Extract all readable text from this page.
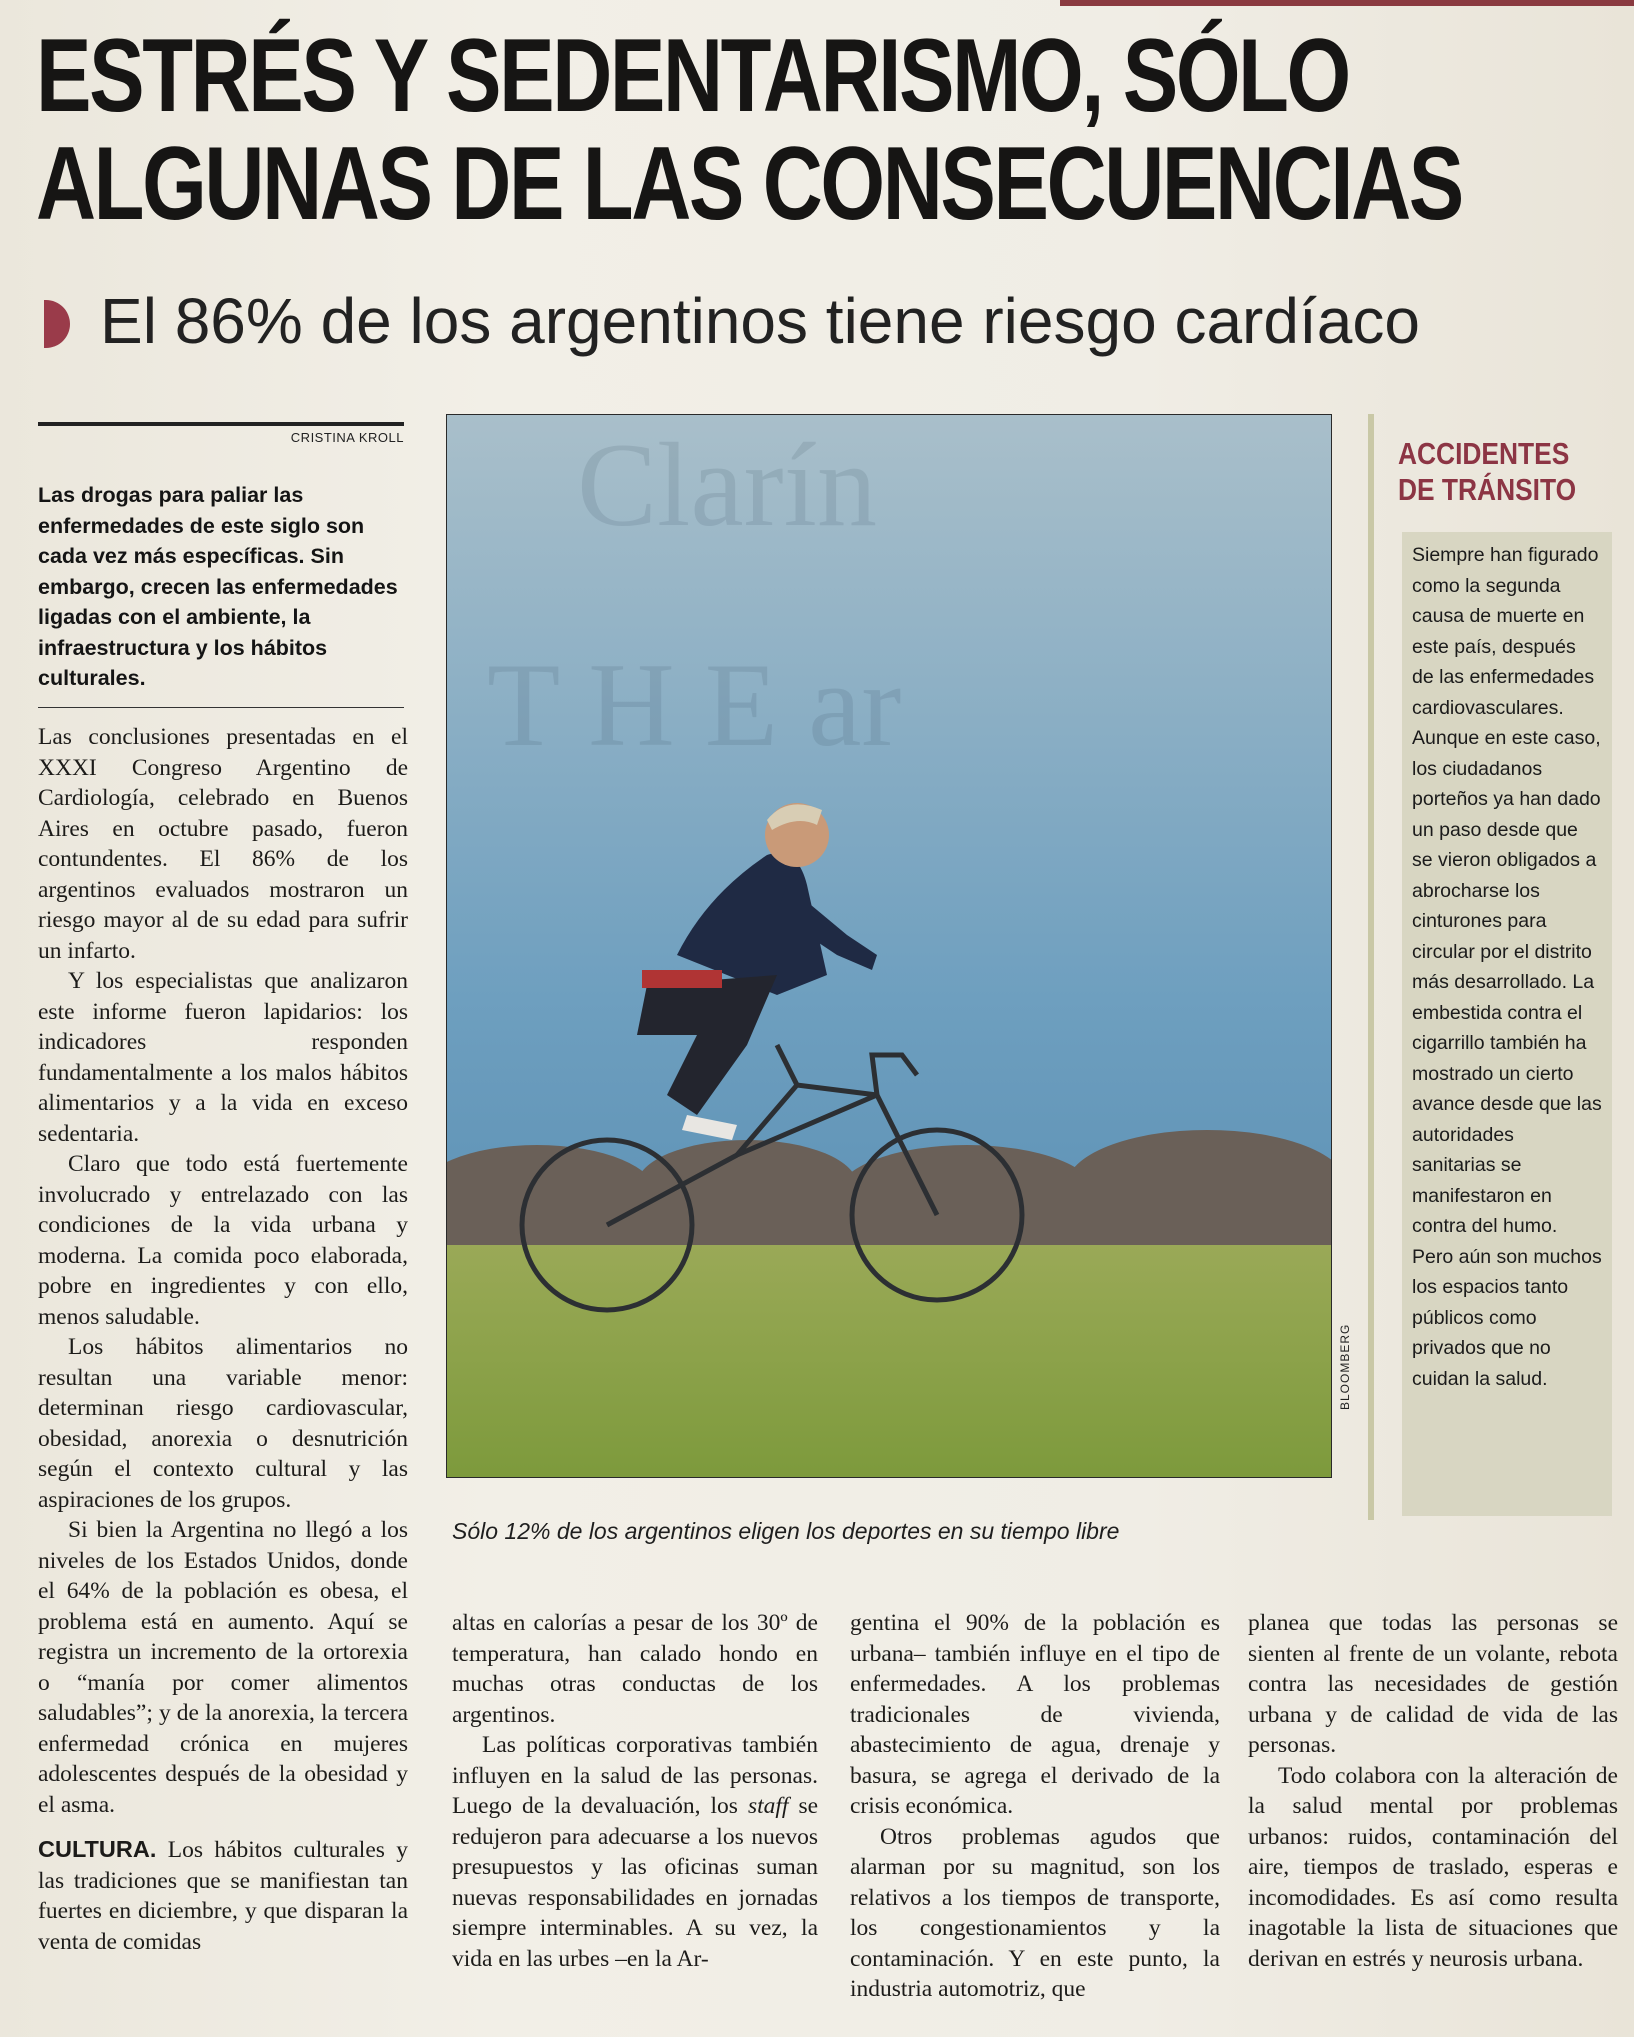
ESTRÉS Y SEDENTARISMO, SÓLO
ALGUNAS DE LAS CONSECUENCIAS
El 86% de los argentinos tiene riesgo cardíaco
CRISTINA KROLL
Las drogas para paliar las enfermedades de este siglo son cada vez más específicas. Sin embargo, crecen las enfermedades ligadas con el ambiente, la infraestructura y los hábitos culturales.

Las conclusiones presentadas en el XXXI Congreso Argentino de Cardiología, celebrado en Buenos Aires en octubre pasado, fueron contundentes. El 86% de los argentinos evaluados mostraron un riesgo mayor al de su edad para sufrir un infarto.

Y los especialistas que analizaron este informe fueron lapidarios: los indicadores responden fundamentalmente a los malos hábitos alimentarios y a la vida en exceso sedentaria.

Claro que todo está fuertemente involucrado y entrelazado con las condiciones de la vida urbana y moderna. La comida poco elaborada, pobre en ingredientes y con ello, menos saludable.

Los hábitos alimentarios no resultan una variable menor: determinan riesgo cardiovascular, obesidad, anorexia o desnutrición según el contexto cultural y las aspiraciones de los grupos.

Si bien la Argentina no llegó a los niveles de los Estados Unidos, donde el 64% de la población es obesa, el problema está en aumento. Aquí se registra un incremento de la ortorexia o “manía por comer alimentos saludables”; y de la anorexia, la tercera enfermedad crónica en mujeres adolescentes después de la obesidad y el asma.

CULTURA. Los hábitos culturales y las tradiciones que se manifiestan tan fuertes en diciembre, y que disparan la venta de comidas

Clarín
T H E ar
BLOOMBERG
Sólo 12% de los argentinos eligen los deportes en su tiempo libre
ACCIDENTES
DE TRÁNSITO
Siempre han figurado como la segunda causa de muerte en este país, después de las enfermedades cardiovasculares. Aunque en este caso, los ciudadanos porteños ya han dado un paso desde que se vieron obligados a abrocharse los cinturones para circular por el distrito más desarrollado. La embestida contra el cigarrillo también ha mostrado un cierto avance desde que las autoridades sanitarias se manifestaron en contra del humo. Pero aún son muchos los espacios tanto públicos como privados que no cuidan la salud.

altas en calorías a pesar de los 30º de temperatura, han calado hondo en muchas otras conductas de los argentinos.

Las políticas corporativas también influyen en la salud de las personas. Luego de la devaluación, los staff se redujeron para adecuarse a los nuevos presupuestos y las oficinas suman nuevas responsabilidades en jornadas siempre interminables. A su vez, la vida en las urbes –en la Ar-

gentina el 90% de la población es urbana– también influye en el tipo de enfermedades. A los problemas tradicionales de vivienda, abastecimiento de agua, drenaje y basura, se agrega el derivado de la crisis económica.

Otros problemas agudos que alarman por su magnitud, son los relativos a los tiempos de transporte, los congestionamientos y la contaminación. Y en este punto, la industria automotriz, que

planea que todas las personas se sienten al frente de un volante, rebota contra las necesidades de gestión urbana y de calidad de vida de las personas.

Todo colabora con la alteración de la salud mental por problemas urbanos: ruidos, contaminación del aire, tiempos de traslado, esperas e incomodidades. Es así como resulta inagotable la lista de situaciones que derivan en estrés y neurosis urbana.
